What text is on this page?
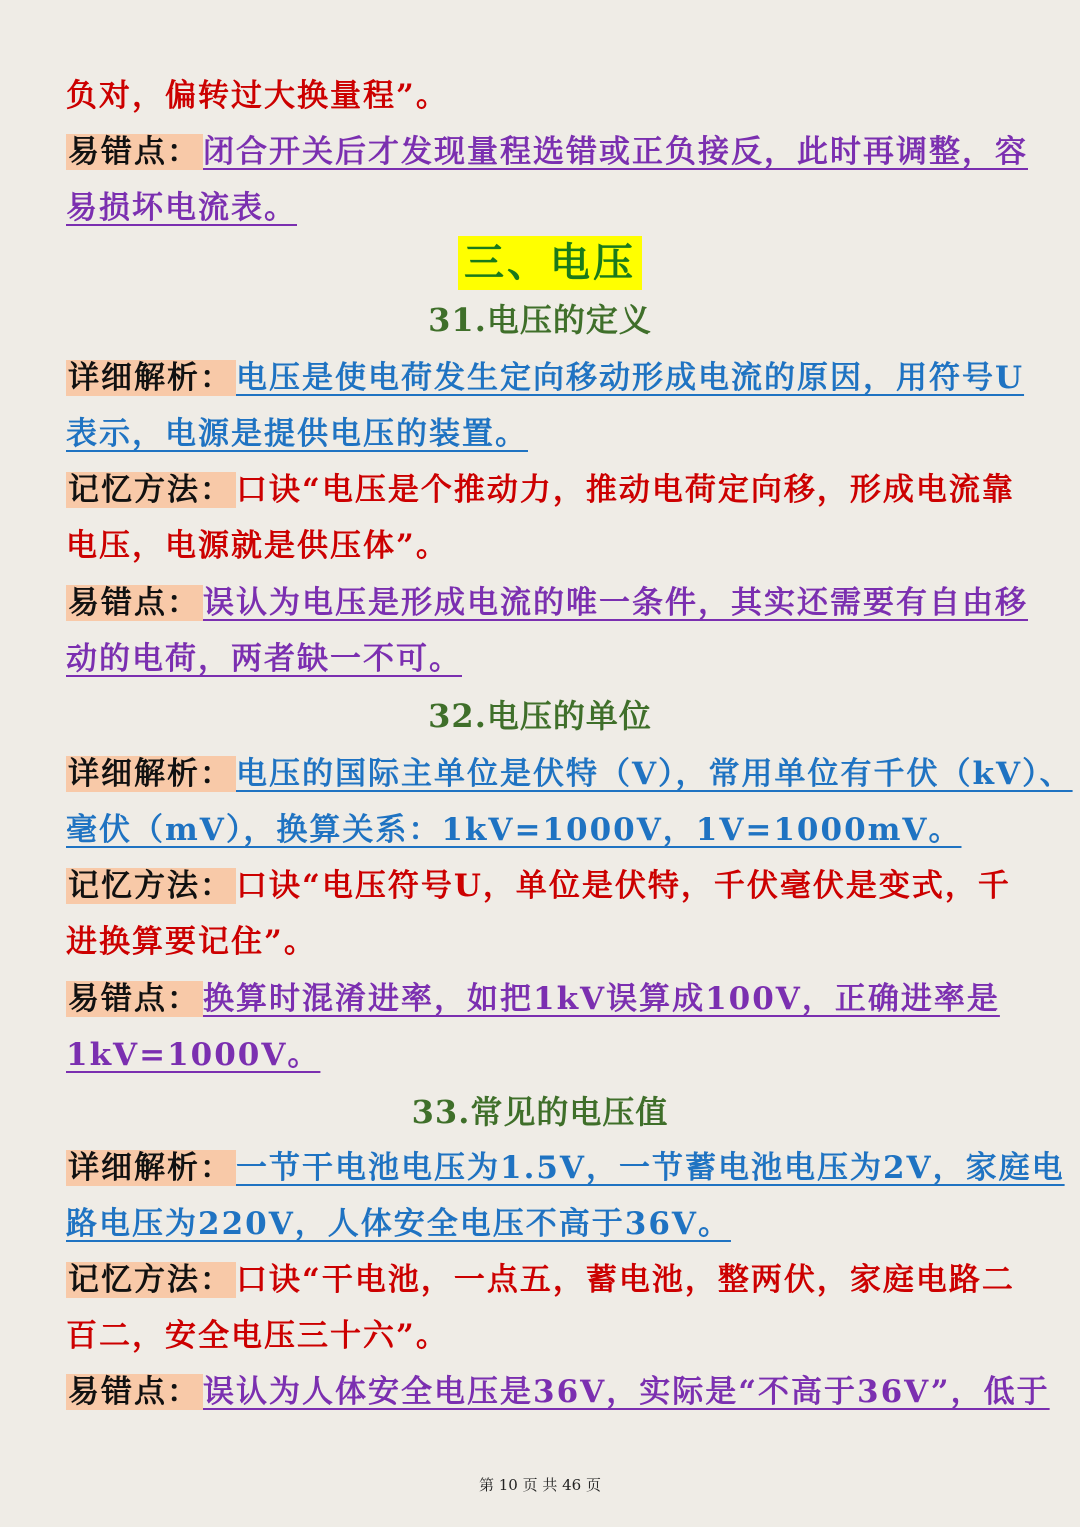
负对，偏转过大换量程”。
易错点：闭合开关后才发现量程选错或正负接反，此时再调整，容
易损坏电流表。
三、电压
31.电压的定义
详细解析：电压是使电荷发生定向移动形成电流的原因，用符号U
表示，电源是提供电压的装置。
记忆方法：口诀“电压是个推动力，推动电荷定向移，形成电流靠
电压，电源就是供压体”。
易错点：误认为电压是形成电流的唯一条件，其实还需要有自由移
动的电荷，两者缺一不可。
32.电压的单位
详细解析：电压的国际主单位是伏特（V），常用单位有千伏（kV）、
毫伏（mV），换算关系：1kV=1000V，1V=1000mV。
记忆方法：口诀“电压符号U，单位是伏特，千伏毫伏是变式，千
进换算要记住”。
易错点：换算时混淆进率，如把1kV误算成100V，正确进率是
1kV=1000V。
33.常见的电压值
详细解析：一节干电池电压为1.5V，一节蓄电池电压为2V，家庭电
路电压为220V，人体安全电压不高于36V。
记忆方法：口诀“干电池，一点五，蓄电池，整两伏，家庭电路二
百二，安全电压三十六”。
易错点：误认为人体安全电压是36V，实际是“不高于36V”，低于
第 10 页 共 46 页
